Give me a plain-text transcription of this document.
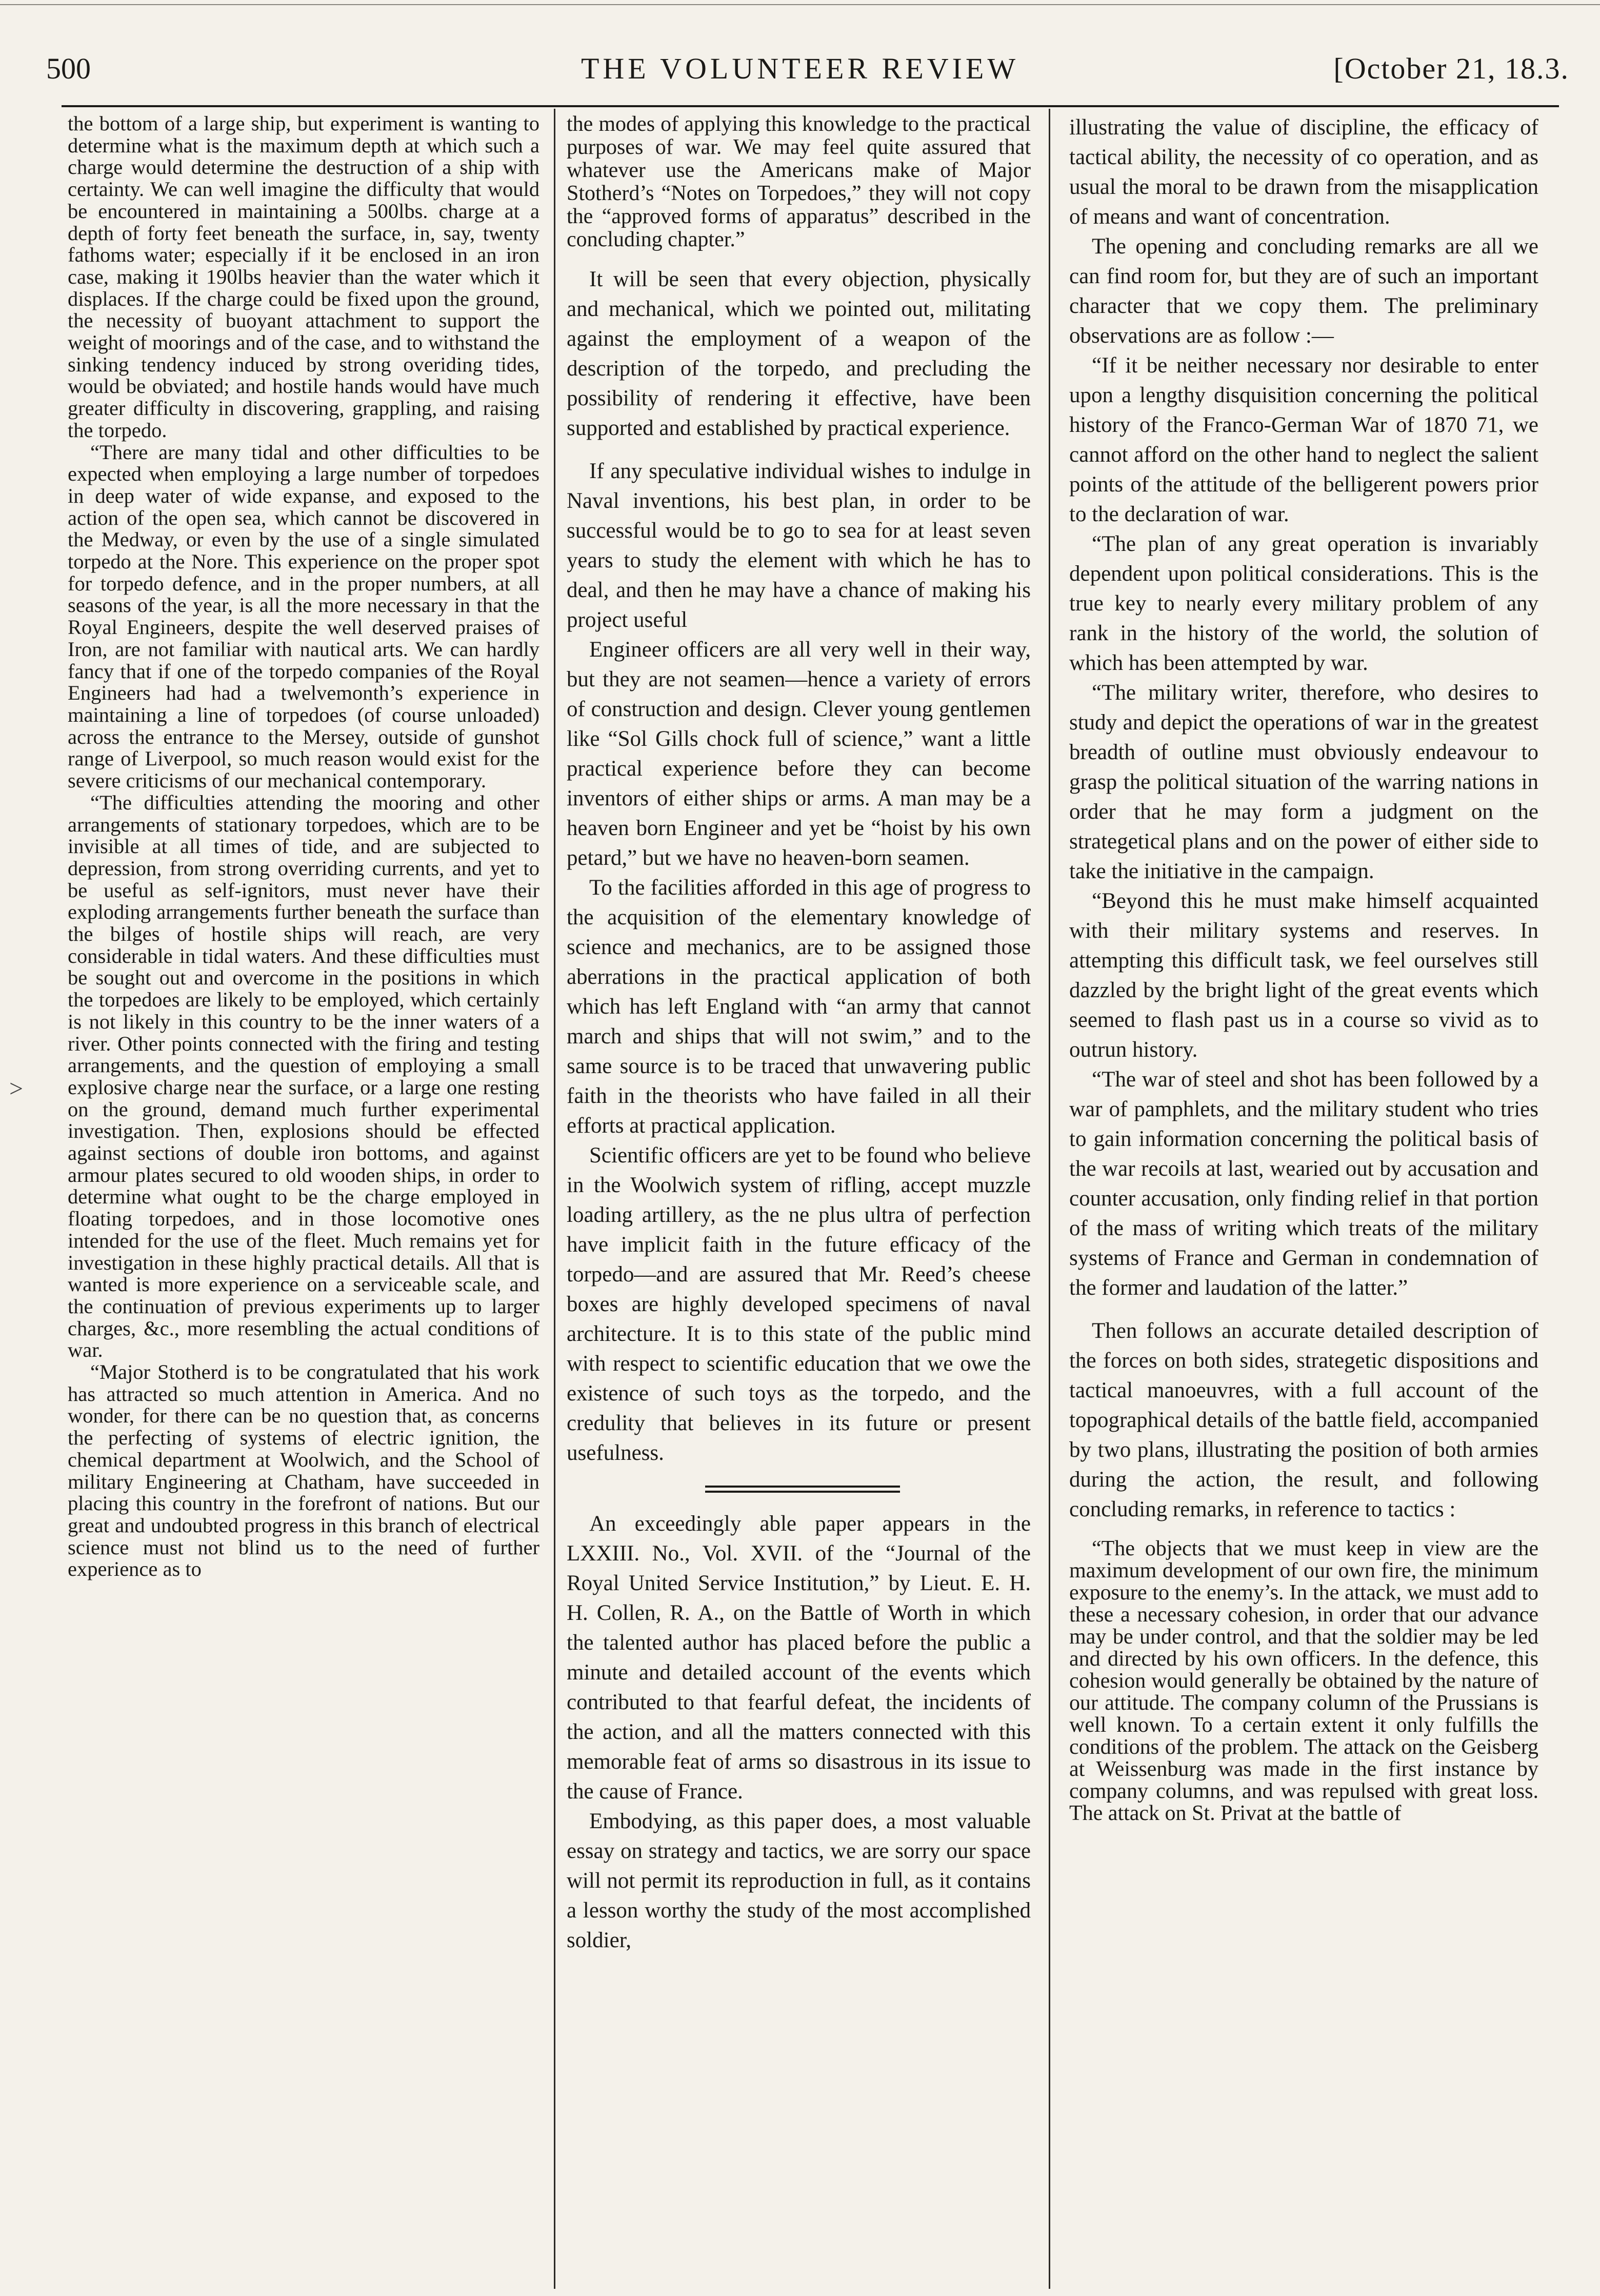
500	THE VOLUNTEER REVIEW	[October 21, 18.3.
>

the bottom of a large ship, but experiment is wanting to determine what is the maximum depth at which such a charge would determine the destruction of a ship with certainty. We can well imagine the difficulty that would be encountered in maintaining a 500lbs. charge at a depth of forty feet beneath the surface, in, say, twenty fathoms water; especially if it be enclosed in an iron case, making it 190lbs heavier than the water which it displaces. If the charge could be fixed upon the ground, the necessity of buoyant attachment to support the weight of moorings and of the case, and to withstand the sinking tendency induced by strong overiding tides, would be obviated; and hostile hands would have much greater difficulty in discovering, grappling, and raising the torpedo.

“There are many tidal and other difficulties to be expected when employing a large number of torpedoes in deep water of wide expanse, and exposed to the action of the open sea, which cannot be discovered in the Medway, or even by the use of a single simulated torpedo at the Nore. This experience on the proper spot for torpedo defence, and in the proper numbers, at all seasons of the year, is all the more necessary in that the Royal Engineers, despite the well deserved praises of Iron, are not familiar with nautical arts. We can hardly fancy that if one of the torpedo companies of the Royal Engineers had had a twelvemonth’s experience in maintaining a line of torpedoes (of course unloaded) across the entrance to the Mersey, outside of gunshot range of Liverpool, so much reason would exist for the severe criticisms of our mechanical contemporary.

“The difficulties attending the mooring and other arrangements of stationary torpedoes, which are to be invisible at all times of tide, and are subjected to depression, from strong overriding currents, and yet to be useful as self-ignitors, must never have their exploding arrangements further beneath the surface than the bilges of hostile ships will reach, are very considerable in tidal waters. And these difficulties must be sought out and overcome in the positions in which the torpedoes are likely to be employed, which certainly is not likely in this country to be the inner waters of a river. Other points connected with the firing and testing arrangements, and the question of employing a small explosive charge near the surface, or a large one resting on the ground, demand much further experimental investigation. Then, explosions should be effected against sections of double iron bottoms, and against armour plates secured to old wooden ships, in order to determine what ought to be the charge employed in floating torpedoes, and in those locomotive ones intended for the use of the fleet. Much remains yet for investigation in these highly practical details. All that is wanted is more experience on a serviceable scale, and the continuation of previous experiments up to larger charges, &c., more resembling the actual conditions of war.

“Major Stotherd is to be congratulated that his work has attracted so much attention in America. And no wonder, for there can be no question that, as concerns the perfecting of systems of electric ignition, the chemical department at Woolwich, and the School of military Engineering at Chatham, have succeeded in placing this country in the forefront of nations. But our great and undoubted progress in this branch of electrical science must not blind us to the need of further experience as to

the modes of applying this knowledge to the practical purposes of war. We may feel quite assured that whatever use the Americans make of Major Stotherd’s “Notes on Torpedoes,” they will not copy the “approved forms of apparatus” described in the concluding chapter.”

It will be seen that every objection, physically and mechanical, which we pointed out, militating against the employment of a weapon of the description of the torpedo, and precluding the possibility of rendering it effective, have been supported and established by practical experience.

If any speculative individual wishes to indulge in Naval inventions, his best plan, in order to be successful would be to go to sea for at least seven years to study the element with which he has to deal, and then he may have a chance of making his project useful

Engineer officers are all very well in their way, but they are not seamen—hence a variety of errors of construction and design. Clever young gentlemen like “Sol Gills chock full of science,” want a little practical experience before they can become inventors of either ships or arms. A man may be a heaven born Engineer and yet be “hoist by his own petard,” but we have no heaven-born seamen.

To the facilities afforded in this age of progress to the acquisition of the elementary knowledge of science and mechanics, are to be assigned those aberrations in the practical application of both which has left England with “an army that cannot march and ships that will not swim,” and to the same source is to be traced that unwavering public faith in the theorists who have failed in all their efforts at practical application.

Scientific officers are yet to be found who believe in the Woolwich system of rifling, accept muzzle loading artillery, as the ne plus ultra of perfection have implicit faith in the future efficacy of the torpedo—and are assured that Mr. Reed’s cheese boxes are highly developed specimens of naval architecture. It is to this state of the public mind with respect to scientific education that we owe the existence of such toys as the torpedo, and the credulity that believes in its future or present usefulness.

An exceedingly able paper appears in the LXXIII. No., Vol. XVII. of the “Journal of the Royal United Service Institution,” by Lieut. E. H. H. Collen, R. A., on the Battle of Worth in which the talented author has placed before the public a minute and detailed account of the events which contributed to that fearful defeat, the incidents of the action, and all the matters connected with this memorable feat of arms so disastrous in its issue to the cause of France.

Embodying, as this paper does, a most valuable essay on strategy and tactics, we are sorry our space will not permit its reproduction in full, as it contains a lesson worthy the study of the most accomplished soldier,

illustrating the value of discipline, the efficacy of tactical ability, the necessity of co operation, and as usual the moral to be drawn from the misapplication of means and want of concentration.

The opening and concluding remarks are all we can find room for, but they are of such an important character that we copy them. The preliminary observations are as follow :—

“If it be neither necessary nor desirable to enter upon a lengthy disquisition concerning the political history of the Franco-German War of 1870 71, we cannot afford on the other hand to neglect the salient points of the attitude of the belligerent powers prior to the declaration of war.

“The plan of any great operation is invariably dependent upon political considerations. This is the true key to nearly every military problem of any rank in the history of the world, the solution of which has been attempted by war.

“The military writer, therefore, who desires to study and depict the operations of war in the greatest breadth of outline must obviously endeavour to grasp the political situation of the warring nations in order that he may form a judgment on the strategetical plans and on the power of either side to take the initiative in the campaign.

“Beyond this he must make himself acquainted with their military systems and reserves. In attempting this difficult task, we feel ourselves still dazzled by the bright light of the great events which seemed to flash past us in a course so vivid as to outrun history.

“The war of steel and shot has been followed by a war of pamphlets, and the military student who tries to gain information concerning the political basis of the war recoils at last, wearied out by accusation and counter accusation, only finding relief in that portion of the mass of writing which treats of the military systems of France and German in condemnation of the former and laudation of the latter.”

Then follows an accurate detailed description of the forces on both sides, strategetic dispositions and tactical manoeuvres, with a full account of the topographical details of the battle field, accompanied by two plans, illustrating the position of both armies during the action, the result, and following concluding remarks, in reference to tactics :

“The objects that we must keep in view are the maximum development of our own fire, the minimum exposure to the enemy’s. In the attack, we must add to these a necessary cohesion, in order that our advance may be under control, and that the soldier may be led and directed by his own officers. In the defence, this cohesion would generally be obtained by the nature of our attitude. The company column of the Prussians is well known. To a certain extent it only fulfills the conditions of the problem. The attack on the Geisberg at Weissenburg was made in the first instance by company columns, and was repulsed with great loss. The attack on St. Privat at the battle of
